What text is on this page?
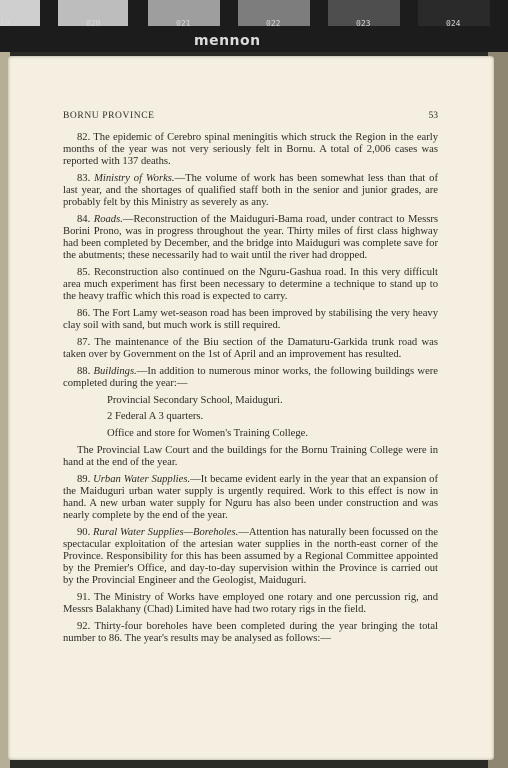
19	020	021	022	023	024
mennon
BORNU PROVINCE	53

82. The epidemic of Cerebro spinal meningitis which struck the Region in the early months of the year was not very seriously felt in Bornu. A total of 2,006 cases was reported with 137 deaths.

83. Ministry of Works.—The volume of work has been somewhat less than that of last year, and the shortages of qualified staff both in the senior and junior grades, are probably felt by this Ministry as severely as any.

84. Roads.—Reconstruction of the Maiduguri-Bama road, under contract to Messrs Borini Prono, was in progress throughout the year. Thirty miles of first class highway had been completed by December, and the bridge into Maiduguri was complete save for the abutments; these necessarily had to wait until the river had dropped.

85. Reconstruction also continued on the Nguru-Gashua road. In this very difficult area much experiment has first been necessary to determine a technique to stand up to the heavy traffic which this road is expected to carry.

86. The Fort Lamy wet-season road has been improved by stabilising the very heavy clay soil with sand, but much work is still required.

87. The maintenance of the Biu section of the Damaturu-Garkida trunk road was taken over by Government on the 1st of April and an improvement has resulted.

88. Buildings.—In addition to numerous minor works, the following buildings were completed during the year:—

Provincial Secondary School, Maiduguri.
2 Federal A 3 quarters.
Office and store for Women's Training College.

The Provincial Law Court and the buildings for the Bornu Training College were in hand at the end of the year.

89. Urban Water Supplies.—It became evident early in the year that an expansion of the Maiduguri urban water supply is urgently required. Work to this effect is now in hand. A new urban water supply for Nguru has also been under construction and was nearly complete by the end of the year.

90. Rural Water Supplies—Boreholes.—Attention has naturally been focussed on the spectacular exploitation of the artesian water supplies in the north-east corner of the Province. Responsibility for this has been assumed by a Regional Committee appointed by the Premier's Office, and day-to-day supervision within the Province is carried out by the Provincial Engineer and the Geologist, Maiduguri.

91. The Ministry of Works have employed one rotary and one percussion rig, and Messrs Balakhany (Chad) Limited have had two rotary rigs in the field.

92. Thirty-four boreholes have been completed during the year bringing the total number to 86. The year's results may be analysed as follows:—
